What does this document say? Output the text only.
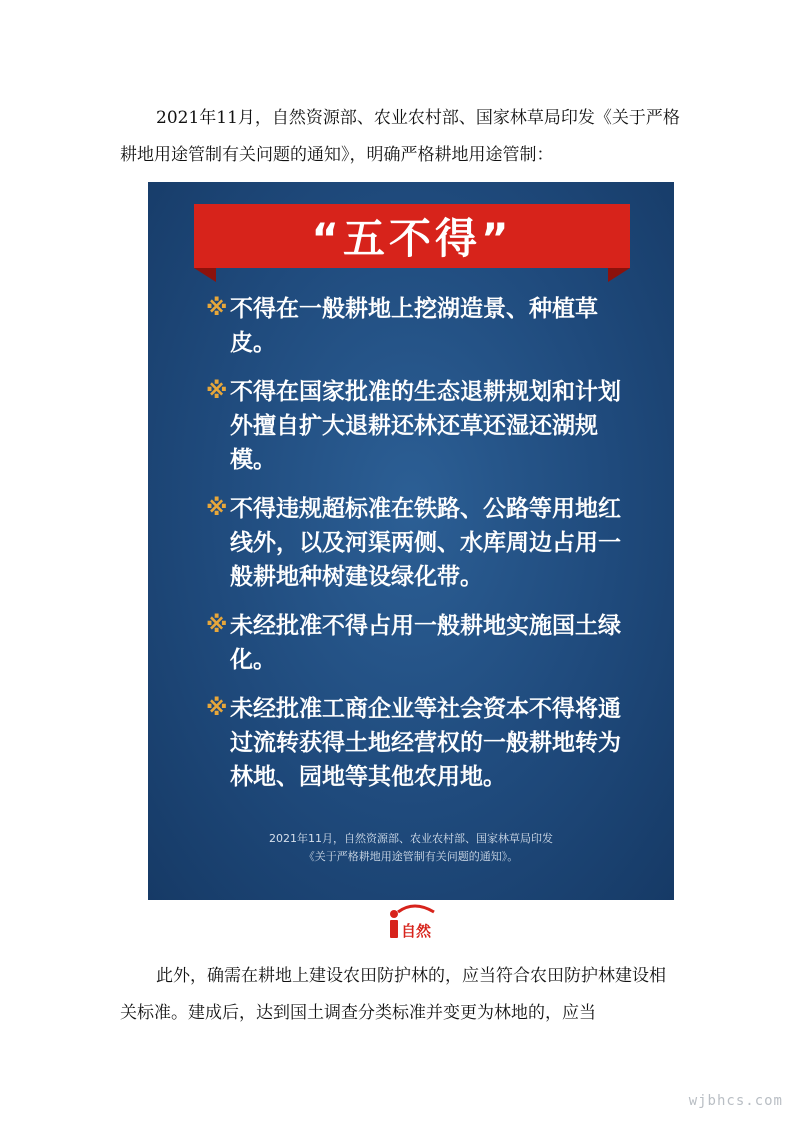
2021年11月，自然资源部、农业农村部、国家林草局印发《关于严格耕地用途管制有关问题的通知》，明确严格耕地用途管制：

“五不得”
※ 不得在一般耕地上挖湖造景、种植草皮。
※ 不得在国家批准的生态退耕规划和计划外擅自扩大退耕还林还草还湿还湖规模。
※ 不得违规超标准在铁路、公路等用地红线外，以及河渠两侧、水库周边占用一般耕地种树建设绿化带。
※ 未经批准不得占用一般耕地实施国土绿化。
※ 未经批准工商企业等社会资本不得将通过流转获得土地经营权的一般耕地转为林地、园地等其他农用地。
2021年11月，自然资源部、农业农村部、国家林草局印发
《关于严格耕地用途管制有关问题的通知》。
自然

此外，确需在耕地上建设农田防护林的，应当符合农田防护林建设相关标准。建成后，达到国土调查分类标准并变更为林地的，应当

wjbhcs.com
